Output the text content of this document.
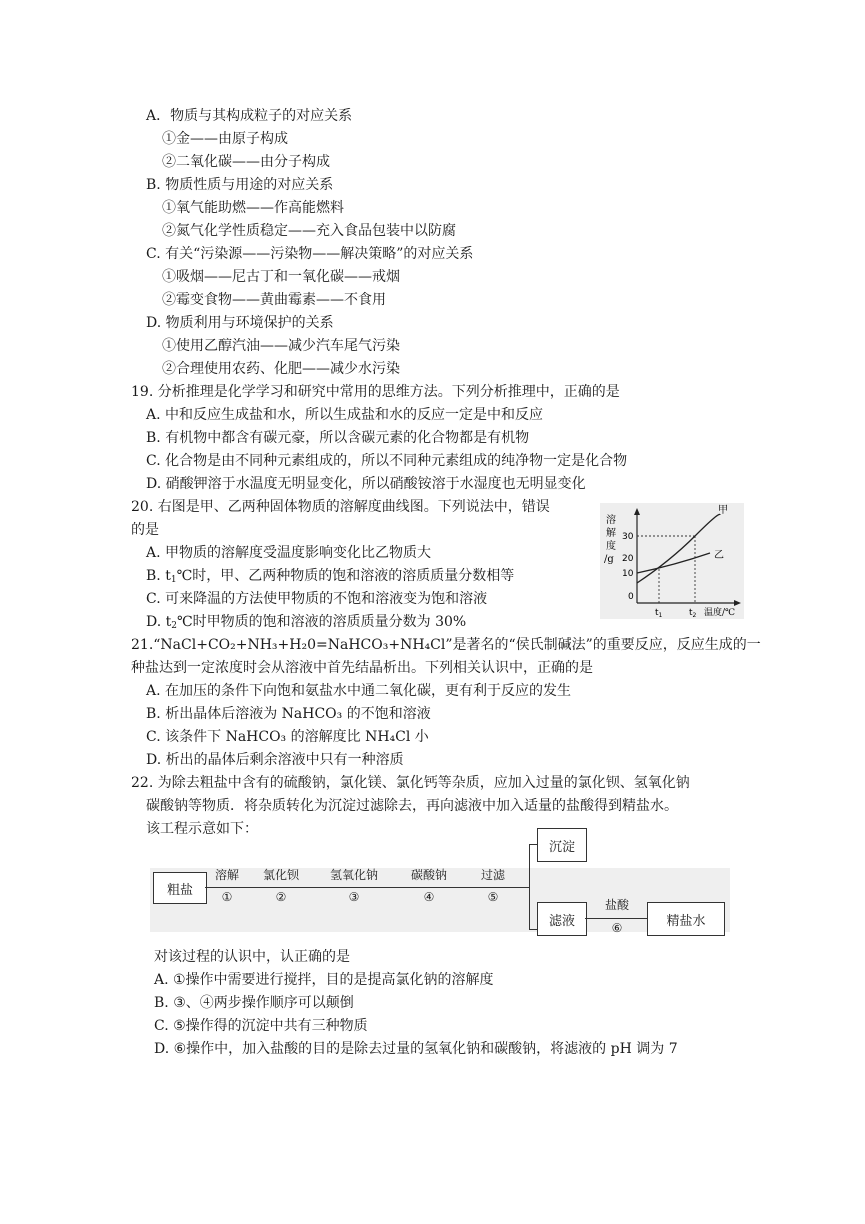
A．物质与其构成粒子的对应关系
①金——由原子构成
②二氧化碳——由分子构成
B. 物质性质与用途的对应关系
①氧气能助燃——作高能燃料
②氮气化学性质稳定——充入食品包装中以防腐
C. 有关“污染源——污染物——解决策略”的对应关系
①吸烟——尼古丁和一氧化碳——戒烟
②霉变食物——黄曲霉素——不食用
D. 物质利用与环境保护的关系
①使用乙醇汽油——减少汽车尾气污染
②合理使用农药、化肥——减少水污染
19. 分析推理是化学学习和研究中常用的思维方法。下列分析推理中，正确的是
A. 中和反应生成盐和水，所以生成盐和水的反应一定是中和反应
B. 有机物中都含有碳元豪，所以含碳元素的化合物都是有机物
C. 化合物是由不同种元素组成的，所以不同种元素组成的纯净物一定是化合物
D. 硝酸钾溶于水温度无明显变化，所以硝酸铵溶于水湿度也无明显变化
20. 右图是甲、乙两种固体物质的溶解度曲线图。下列说法中，错误
的是
A. 甲物质的溶解度受温度影响变化比乙物质大
B. $t_1℃$时，甲、乙两种物质的饱和溶液的溶质质量分数相等
C. 可来降温的方法使甲物质的不饱和溶液变为饱和溶液
D. $t_2℃$时甲物质的饱和溶液的溶质质量分数为 30%
溶
解
度
/g
30
20
10
0
甲
乙
$t_1$	$t_2$ 温度/℃
21.“NaCl+CO₂+NH₃+H₂0=NaHCO₃+NH₄Cl”是著名的“侯氏制碱法”的重要反应，反应生成的一
种盐达到一定浓度时会从溶液中首先结晶析出。下列相关认识中，正确的是
A. 在加压的条件下向饱和氨盐水中通二氧化碳，更有利于反应的发生
B. 析出晶体后溶液为 NaHCO₃ 的不饱和溶液
C. 该条件下 NaHCO₃ 的溶解度比 NH₄Cl 小
D. 析出的晶体后剩余溶液中只有一种溶质
22. 为除去粗盐中含有的硫酸钠，氯化镁、氯化钙等杂质，应加入过量的氯化钡、氢氧化钠
碳酸钠等物质．将杂质转化为沉淀过滤除去，再向滤液中加入适量的盐酸得到精盐水。
该工程示意如下：
粗盐
溶解
①
氯化钡
②
氢氧化钠
③
碳酸钠
④
过滤
⑤
沉淀
滤液
盐酸
⑥	精盐水
对该过程的认识中，认正确的是
A. ①操作中需要进行搅拌，目的是提高氯化钠的溶解度
B. ③、④两步操作顺序可以颠倒
C. ⑤操作得的沉淀中共有三种物质
D. ⑥操作中，加入盐酸的目的是除去过量的氢氧化钠和碳酸钠，将滤液的 pH 调为 7
